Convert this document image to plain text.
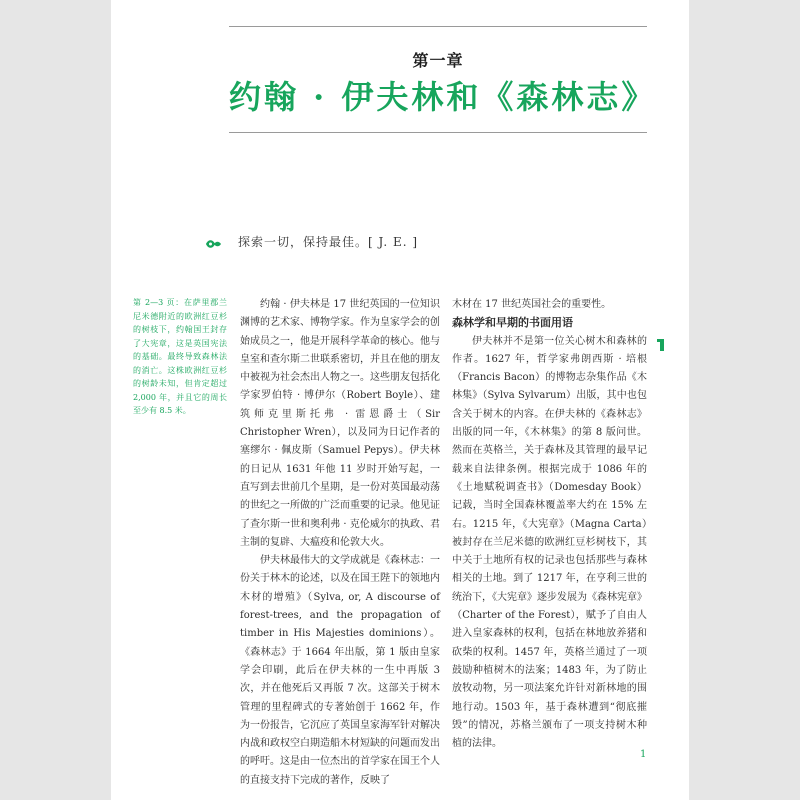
第一章
约翰 · 伊夫林和《森林志》
探索一切，保持最佳。[ J. E. ]
第 2—3 页：在萨里郡兰尼米德附近的欧洲红豆杉的树枝下，约翰国王封存了大宪章，这是英国宪法的基础。最终导致森林法的消亡。这株欧洲红豆杉的树龄未知，但肯定超过 2,000 年，并且它的周长至少有 8.5 米。

约翰 · 伊夫林是 17 世纪英国的一位知识渊博的艺术家、博物学家。作为皇家学会的创始成员之一，他是开展科学革命的核心。他与皇室和查尔斯二世联系密切，并且在他的朋友中被视为社会杰出人物之一。这些朋友包括化学家罗伯特 · 博伊尔（Robert Boyle）、建筑师克里斯托弗 · 雷恩爵士（Sir Christopher Wren），以及同为日记作者的塞缪尔 · 佩皮斯（Samuel Pepys）。伊夫林的日记从 1631 年他 11 岁时开始写起，一直写到去世前几个星期，是一份对英国最动荡的世纪之一所做的广泛而重要的记录。他见证了查尔斯一世和奥利弗 · 克伦威尔的执政、君主制的复辟、大瘟疫和伦敦大火。

伊夫林最伟大的文学成就是《森林志：一份关于林木的论述，以及在国王陛下的领地内木材的增殖》（Sylva, or, A discourse of forest-trees, and the propagation of timber in His Majesties dominions）。《森林志》于 1664 年出版，第 1 版由皇家学会印刷，此后在伊夫林的一生中再版 3 次，并在他死后又再版 7 次。这部关于树木管理的里程碑式的专著始创于 1662 年，作为一份报告，它沉应了英国皇家海军针对解决内战和政权空白期造船木材短缺的问题而发出的呼吁。这是由一位杰出的首学家在国王个人的直接支持下完成的著作，反映了

木材在 17 世纪英国社会的重要性。

森林学和早期的书面用语

伊夫林并不是第一位关心树木和森林的作者。1627 年，哲学家弗朗西斯 · 培根（Francis Bacon）的博物志杂集作品《木林集》（Sylva Sylvarum）出版，其中也包含关于树木的内容。在伊夫林的《森林志》出版的同一年，《木林集》的第 8 版问世。然而在英格兰，关于森林及其管理的最早记载来自法律条例。根据完成于 1086 年的《土地赋税调查书》（Domesday Book）记载，当时全国森林覆盖率大约在 15% 左右。1215 年，《大宪章》（Magna Carta）被封存在兰尼米德的欧洲红豆杉树枝下，其中关于土地所有权的记录也包括那些与森林相关的土地。到了 1217 年，在亨利三世的统治下，《大宪章》逐步发展为《森林宪章》（Charter of the Forest），赋予了自由人进入皇家森林的权利，包括在林地放养猪和砍柴的权利。1457 年，英格兰通过了一项鼓励种植树木的法案；1483 年，为了防止放牧动物，另一项法案允许针对新林地的围地行动。1503 年，基于森林遭到“彻底摧毁”的情况，苏格兰颁布了一项支持树木种植的法律。

1
